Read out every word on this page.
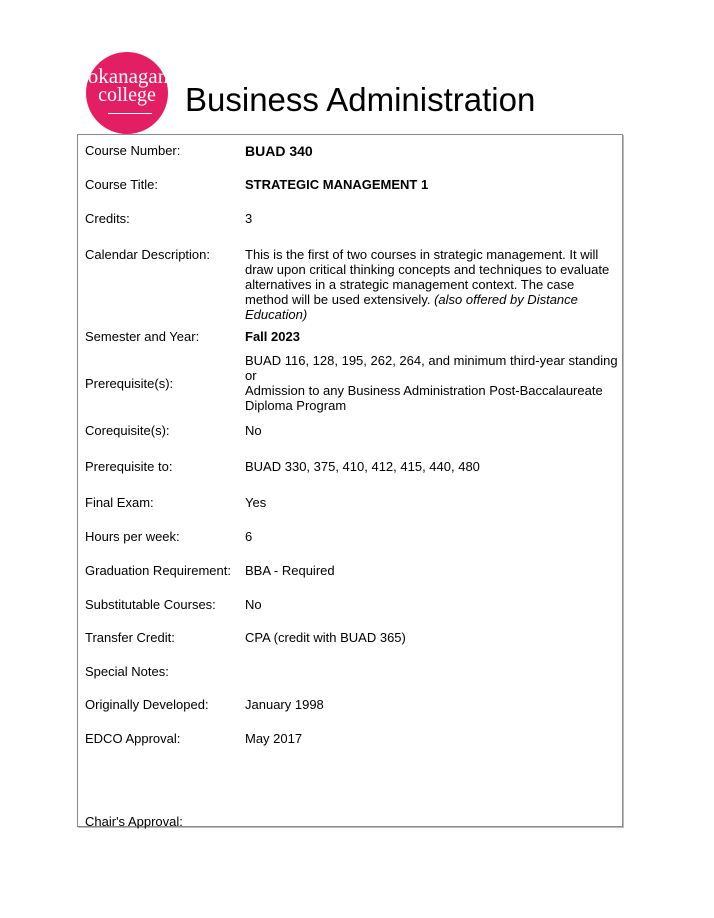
okanagan
college Business Administration
Course Number:	BUAD 340
Course Title:	STRATEGIC MANAGEMENT 1
Credits:	3
Calendar Description:	This is the first of two courses in strategic management. It will draw upon critical thinking concepts and techniques to evaluate alternatives in a strategic management context. The case method will be used extensively. (also offered by Distance Education)
Semester and Year:	Fall 2023
Prerequisite(s):
BUAD 116, 128, 195, 262, 264, and minimum third-year standing
or
Admission to any Business Administration Post-Baccalaureate Diploma Program
Corequisite(s):	No
Prerequisite to:	BUAD 330, 375, 410, 412, 415, 440, 480
Final Exam:	Yes
Hours per week:	6
Graduation Requirement: BBA - Required
Substitutable Courses: No
Transfer Credit:	CPA (credit with BUAD 365)
Special Notes:
Originally Developed:	January 1998
EDCO Approval:	May 2017
Chair's Approval:
